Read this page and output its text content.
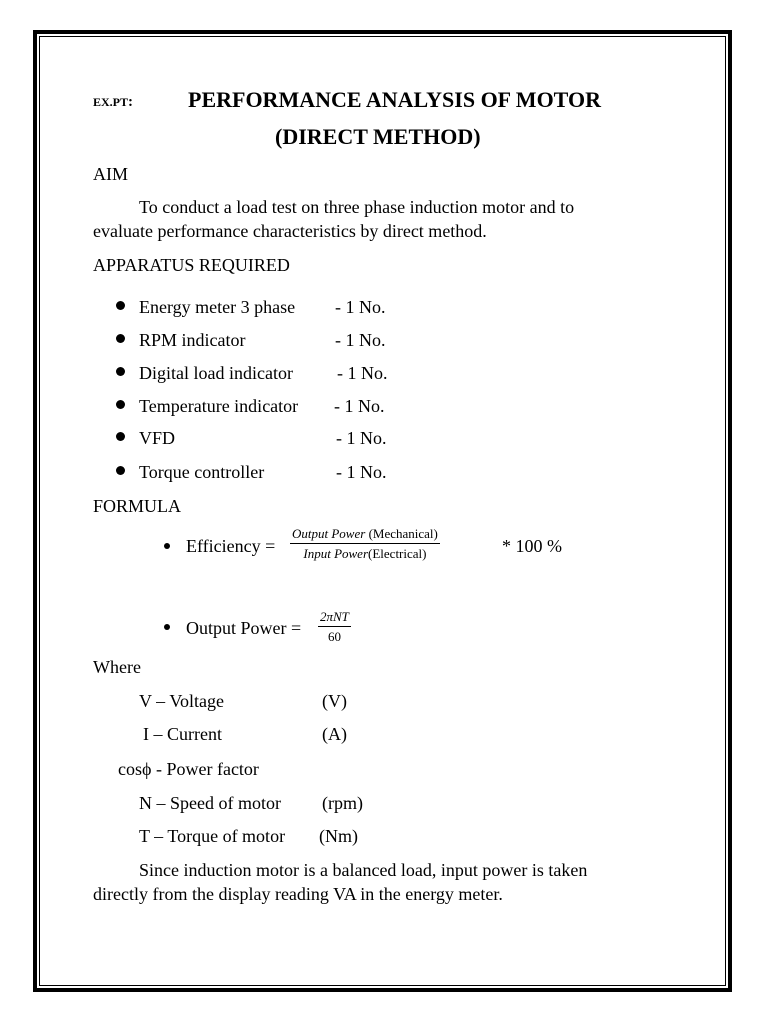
EX.PT: PERFORMANCE ANALYSIS OF MOTOR
(DIRECT METHOD)
AIM
To conduct a load test on three phase induction motor and to
evaluate performance characteristics by direct method.
APPARATUS REQUIRED
Energy meter 3 phase - 1 No.
RPM indicator	- 1 No.
Digital load indicator - 1 No.
Temperature indicator - 1 No.
VFD	- 1 No.
Torque controller	- 1 No.
FORMULA
Efficiency =
Output Power (Mechanical)
Input Power(Electrical)	* 100 %
Output Power =
2πNT
60
Where
V – Voltage	(V)
I – Current	(A)
cosϕ - Power factor
N – Speed of motor (rpm)
T – Torque of motor (Nm)
Since induction motor is a balanced load, input power is taken
directly from the display reading VA in the energy meter.
